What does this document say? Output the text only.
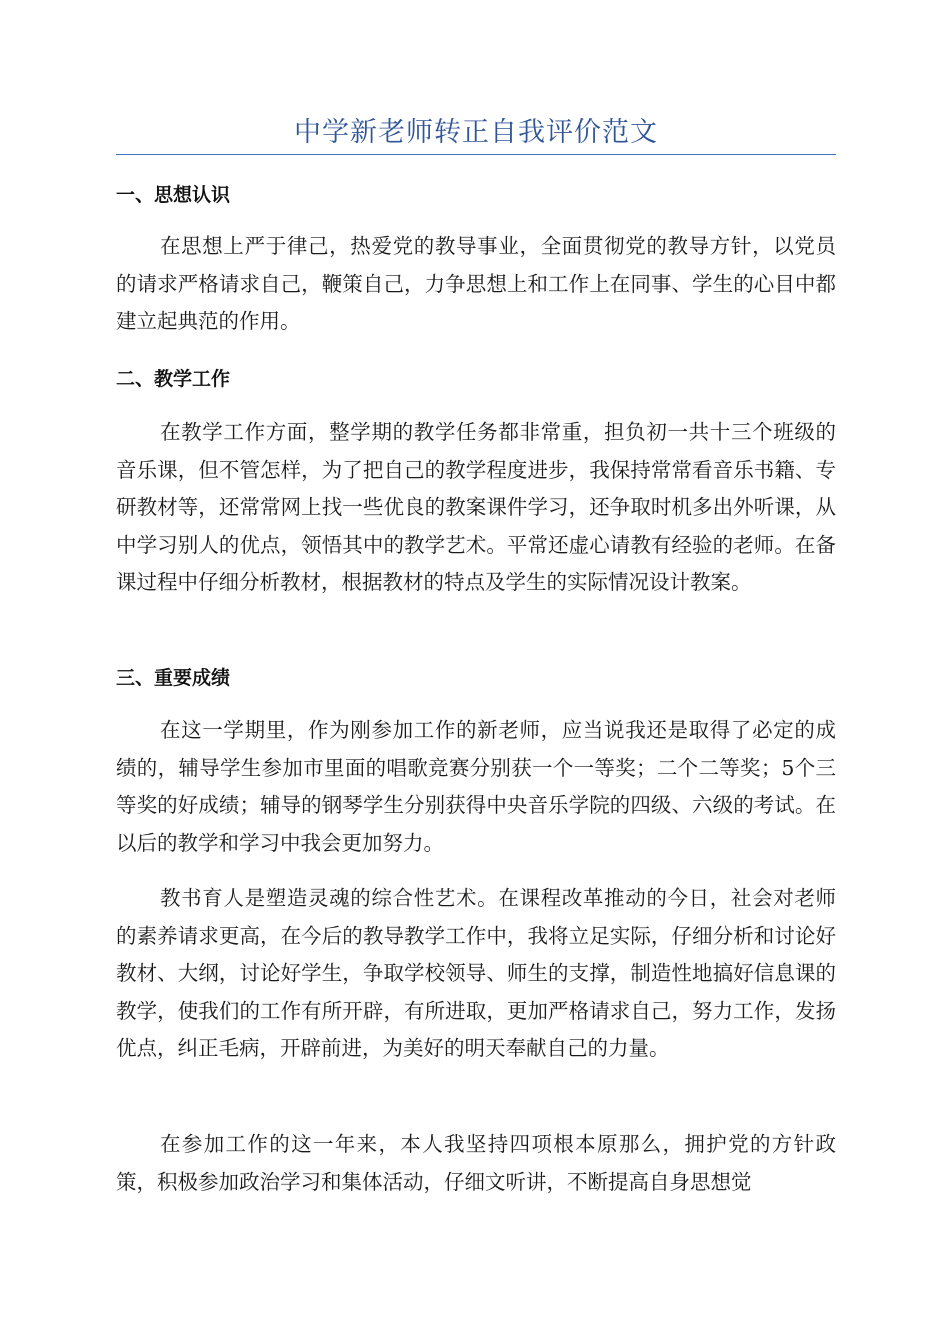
中学新老师转正自我评价范文
一、思想认识
在思想上严于律己，热爱党的教导事业，全面贯彻党的教导方针，以党员的请求严格请求自己，鞭策自己，力争思想上和工作上在同事、学生的心目中都建立起典范的作用。
二、教学工作
在教学工作方面，整学期的教学任务都非常重，担负初一共十三个班级的音乐课，但不管怎样，为了把自己的教学程度进步，我保持常常看音乐书籍、专研教材等，还常常网上找一些优良的教案课件学习，还争取时机多出外听课，从中学习别人的优点，领悟其中的教学艺术。平常还虚心请教有经验的老师。在备课过程中仔细分析教材，根据教材的特点及学生的实际情况设计教案。
三、重要成绩
在这一学期里，作为刚参加工作的新老师，应当说我还是取得了必定的成绩的，辅导学生参加市里面的唱歌竞赛分别获一个一等奖；二个二等奖；5个三等奖的好成绩；辅导的钢琴学生分别获得中央音乐学院的四级、六级的考试。在以后的教学和学习中我会更加努力。
教书育人是塑造灵魂的综合性艺术。在课程改革推动的今日，社会对老师的素养请求更高，在今后的教导教学工作中，我将立足实际，仔细分析和讨论好教材、大纲，讨论好学生，争取学校领导、师生的支撑，制造性地搞好信息课的教学，使我们的工作有所开辟，有所进取，更加严格请求自己，努力工作，发扬优点，纠正毛病，开辟前进，为美好的明天奉献自己的力量。
在参加工作的这一年来，本人我坚持四项根本原那么，拥护党的方针政策，积极参加政治学习和集体活动，仔细文听讲，不断提高自身思想觉
